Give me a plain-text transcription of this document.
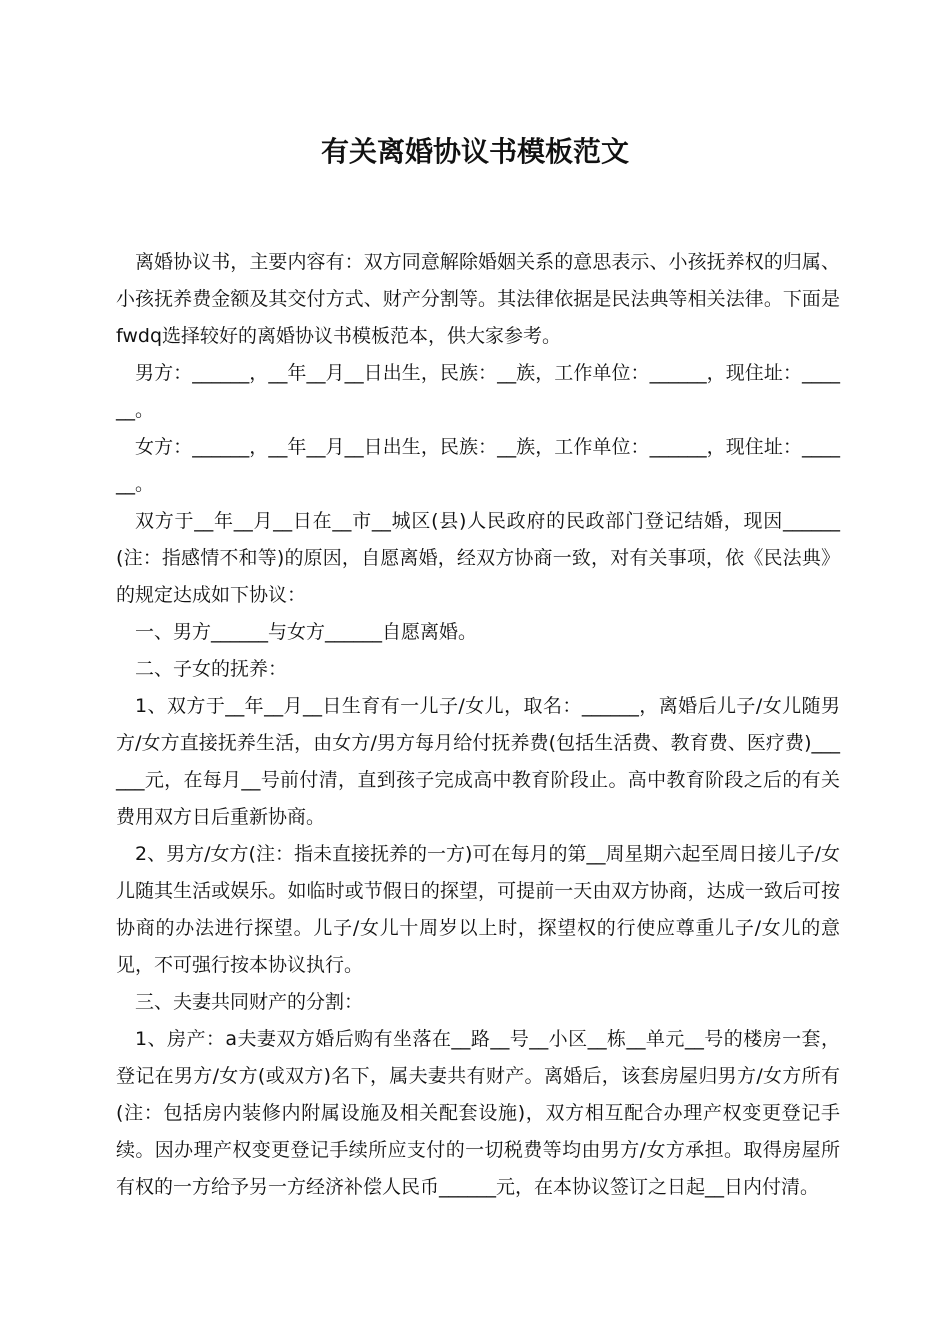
有关离婚协议书模板范文

离婚协议书，主要内容有：双方同意解除婚姻关系的意思表示、小孩抚养权的归属、小孩抚养费金额及其交付方式、财产分割等。其法律依据是民法典等相关法律。下面是fwdq选择较好的离婚协议书模板范本，供大家参考。

男方：______，__年__月__日出生，民族：__族，工作单位：______，现住址：______。

女方：______，__年__月__日出生，民族：__族，工作单位：______，现住址：______。

双方于__年__月__日在__市__城区(县)人民政府的民政部门登记结婚，现因______(注：指感情不和等)的原因，自愿离婚，经双方协商一致，对有关事项，依《民法典》的规定达成如下协议：

一、男方______与女方______自愿离婚。

二、子女的抚养：

1、双方于__年__月__日生育有一儿子/女儿，取名：______，离婚后儿子/女儿随男方/女方直接抚养生活，由女方/男方每月给付抚养费(包括生活费、教育费、医疗费)______元，在每月__号前付清，直到孩子完成高中教育阶段止。高中教育阶段之后的有关费用双方日后重新协商。

2、男方/女方(注：指未直接抚养的一方)可在每月的第__周星期六起至周日接儿子/女儿随其生活或娱乐。如临时或节假日的探望，可提前一天由双方协商，达成一致后可按协商的办法进行探望。儿子/女儿十周岁以上时，探望权的行使应尊重儿子/女儿的意见，不可强行按本协议执行。

三、夫妻共同财产的分割：

1、房产：a夫妻双方婚后购有坐落在__路__号__小区__栋__单元__号的楼房一套，登记在男方/女方(或双方)名下，属夫妻共有财产。离婚后，该套房屋归男方/女方所有(注：包括房内装修内附属设施及相关配套设施)，双方相互配合办理产权变更登记手续。因办理产权变更登记手续所应支付的一切税费等均由男方/女方承担。取得房屋所有权的一方给予另一方经济补偿人民币______元，在本协议签订之日起__日内付清。
